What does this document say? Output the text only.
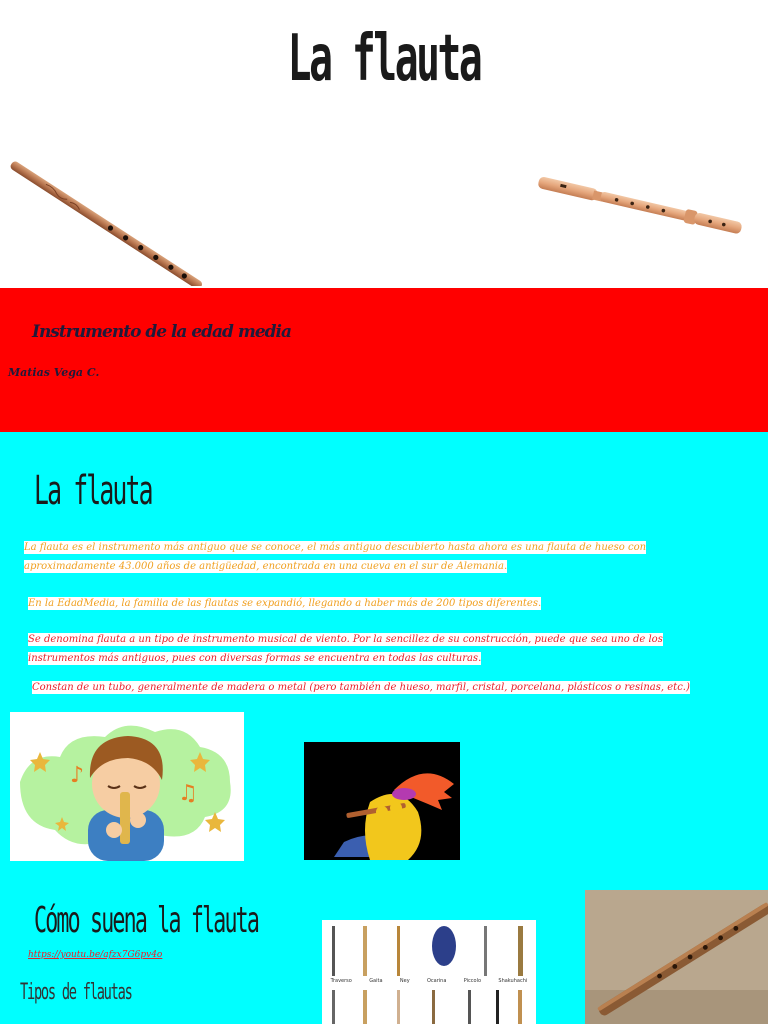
La flauta
Instrumento de la edad media
Matias Vega C.
La flauta
La flauta es el instrumento más antiguo que se conoce, el más antiguo descubierto hasta ahora es una flauta de hueso con aproximadamente 43.000 años de antigüedad, encontrada en una cueva en el sur de Alemania.
En la EdadMedia, la familia de las flautas se expandió, llegando a haber más de 200 tipos diferentes.
Se denomina flauta a un tipo de instrumento musical de viento. Por la sencillez de su construcción, puede que sea uno de los instrumentos más antiguos, pues con diversas formas se encuentra en todas las culturas.
Constan de un tubo, generalmente de madera o metal (pero también de hueso, marfil, cristal, porcelana, plásticos o resinas, etc.)
♪
♫
Cómo suena la flauta
https://youtu.be/afzx7G6pv4o
Tipos de flautas	Traverso	Gaita	Ney	Ocarina	Piccolo	Shakuhachi
